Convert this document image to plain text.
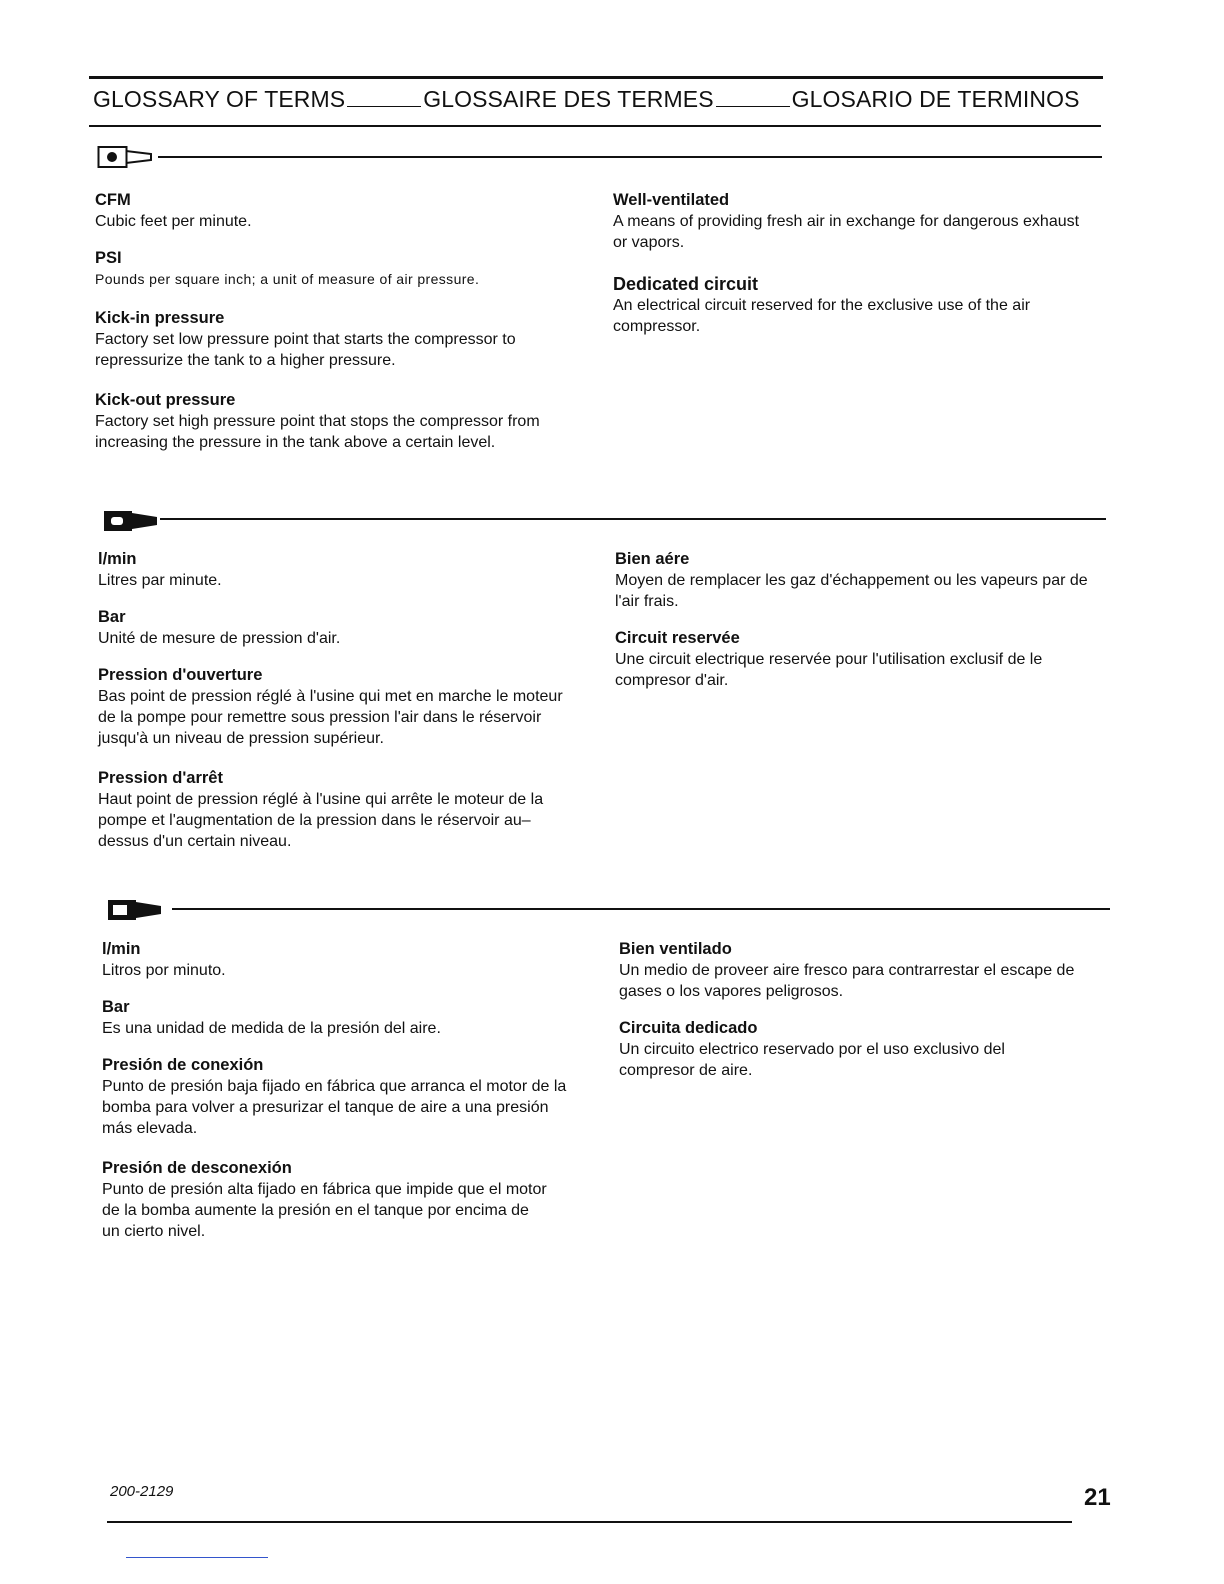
GLOSSARY OF TERMS	GLOSSAIRE DES TERMES	GLOSARIO DE TERMINOS
CFM

Cubic feet per minute.

PSI

Pounds per square inch; a unit of measure of air pressure.

Kick-in pressure

Factory set low pressure point that starts the compressor to repressurize the tank to a higher pressure.

Kick-out pressure

Factory set high pressure point that stops the compressor from increasing the pressure in the tank above a certain level.

Well-ventilated

A means of providing fresh air in exchange for dangerous exhaust or vapors.

Dedicated circuit

An electrical circuit reserved for the exclusive use of the air compressor.

l/min

Litres par minute.

Bar

Unité de mesure de pression d'air.

Pression d'ouverture

Bas point de pression réglé à l'usine qui met en marche le moteur de la pompe pour remettre sous pression l'air dans le réservoir jusqu'à un niveau de pression supérieur.

Pression d'arrêt

Haut point de pression réglé à l'usine qui arrête le moteur de la pompe et l'augmentation de la pression dans le réservoir au–dessus d'un certain niveau.

Bien aére

Moyen de remplacer les gaz d'échappement ou les vapeurs par de l'air frais.

Circuit reservée

Une circuit electrique reservée pour l'utilisation exclusif de le compresor d'air.

l/min

Litros por minuto.

Bar

Es una unidad de medida de la presión del aire.

Presión de conexión

Punto de presión baja fijado en fábrica que arranca el motor de la bomba para volver a presurizar el tanque de aire a una presión más elevada.

Presión de desconexión

Punto de presión alta fijado en fábrica que impide que el motor de la bomba aumente la presión en el tanque por encima de un cierto nivel.

Bien ventilado

Un medio de proveer aire fresco para contrarrestar el escape de gases o los vapores peligrosos.

Circuita dedicado

Un circuito electrico reservado por el uso exclusivo del compresor de aire.

200-2129	21
